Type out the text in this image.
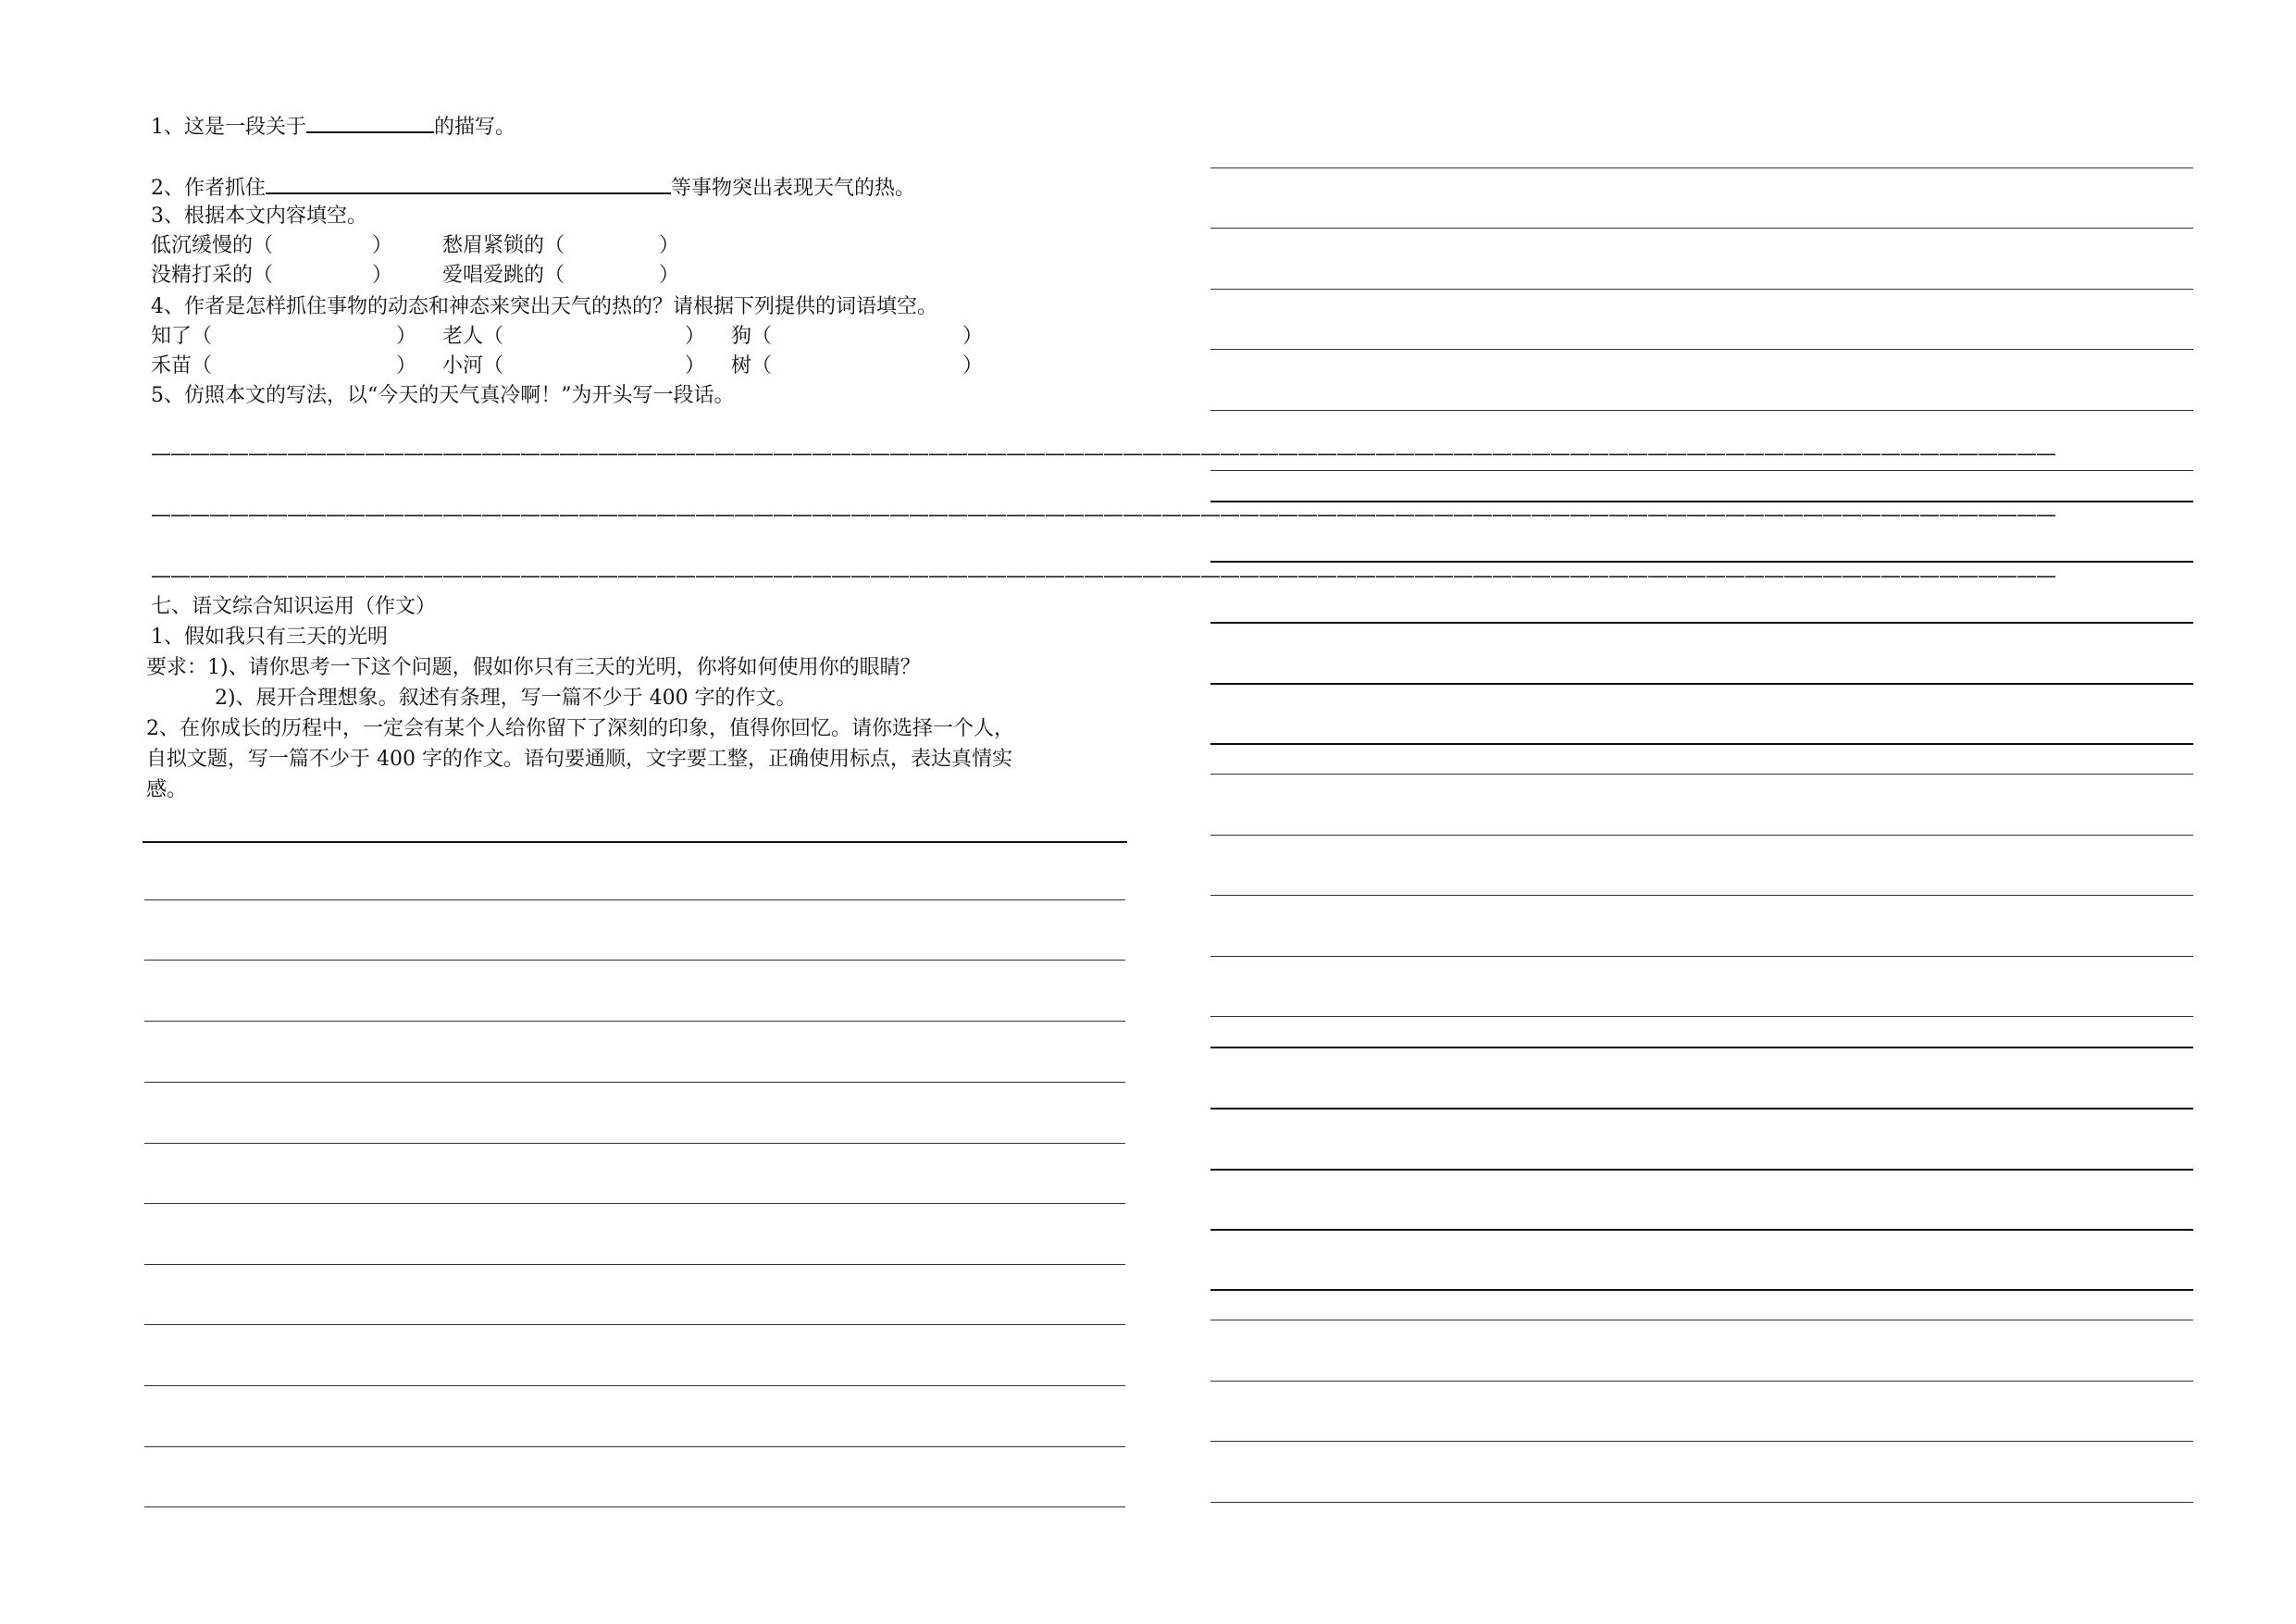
1、这是一段关于	的描写。
2、作者抓住	等事物突出表现天气的热。
3、根据本文内容填空。
低沉缓慢的（	） 愁眉紧锁的（	）
没精打采的（	） 爱唱爱跳的（	）
4、作者是怎样抓住事物的动态和神态来突出天气的热的？请根据下列提供的词语填空。
知了（	） 老人（	） 狗（	）
禾苗（	） 小河（	） 树（	）
5、仿照本文的写法，以“今天的天气真冷啊！”为开头写一段话。
——————————————————————————————————————————————————————————————————————————————————————————————————
——————————————————————————————————————————————————————————————————————————————————————————————————
——————————————————————————————————————————————————————————————————————————————————————————————————
七、语文综合知识运用（作文）
1、假如我只有三天的光明
要求：1)、请你思考一下这个问题，假如你只有三天的光明，你将如何使用你的眼睛？
2)、展开合理想象。叙述有条理，写一篇不少于 400 字的作文。
2、在你成长的历程中，一定会有某个人给你留下了深刻的印象，值得你回忆。请你选择一个人，
自拟文题，写一篇不少于 400 字的作文。语句要通顺，文字要工整，正确使用标点，表达真情实
感。
